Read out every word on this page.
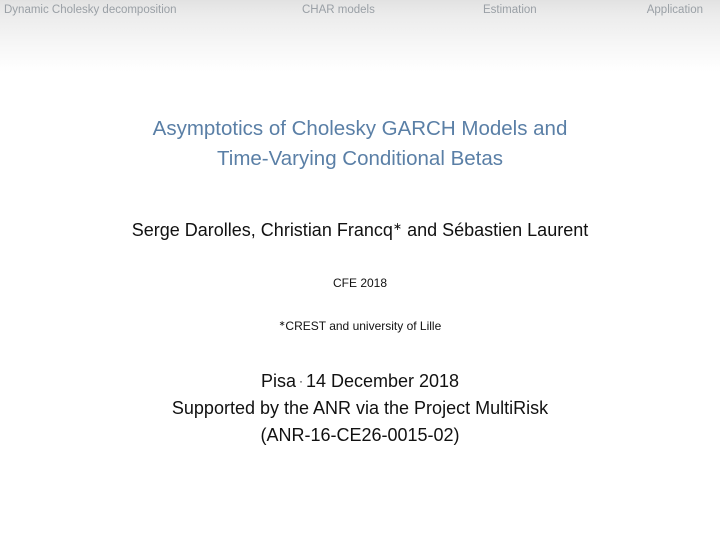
Dynamic Cholesky decomposition	CHAR models	Estimation	Application
Asymptotics of Cholesky GARCH Models and
Time-Varying Conditional Betas
Serge Darolles, Christian Francq∗ and Sébastien Laurent
CFE 2018
∗CREST and university of Lille
Pisa · 14 December 2018
Supported by the ANR via the Project MultiRisk
(ANR-16-CE26-0015-02)
